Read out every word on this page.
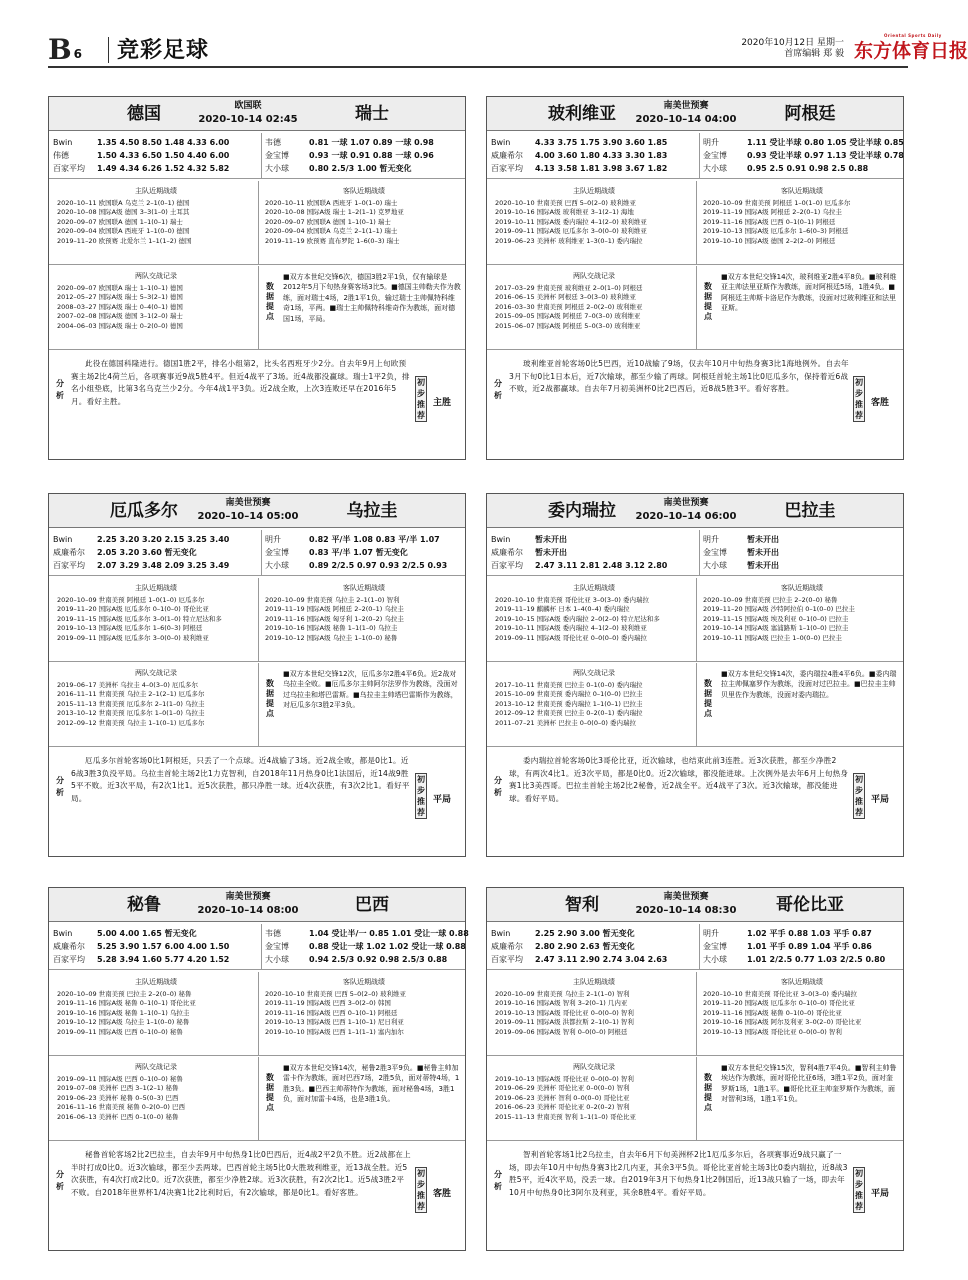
B 6	竞彩足球	2020年10月12日 星期一
首席编辑 郑 毅
Oriental Sports Daily
东方体育日报
德国	欧国联
2020-10-14 02:45	瑞士
Bwin	1.35 4.50 8.50 1.48 4.33 6.00
伟德	1.50 4.33 6.50 1.50 4.40 6.00
百家平均 1.49 4.34 6.26 1.52 4.32 5.82
韦德	0.81 一球 1.07 0.89 一球 0.98
金宝博	0.93 一球 0.91 0.88 一球 0.96
大小球	0.80 2.5/3 1.00 暂无变化
主队近期战绩
2020–10–11 欧国联A 乌克兰 2–1(0–1) 德国
2020–10–08 国际A级 德国 3–3(1–0) 土耳其
2020–09–07 欧国联A 德国 1–1(0–1) 瑞士
2020–09–04 欧国联A 西班牙 1–1(0–0) 德国
2019–11–20 欧预赛 北爱尔兰 1–1(1–2) 德国
客队近期战绩
2020–10–11 欧国联A 西班牙 1–0(1–0) 瑞士
2020–10–08 国际A级 瑞士 1–2(1–1) 克罗地亚
2020–09–07 欧国联A 德国 1–1(0–1) 瑞士
2020–09–04 欧国联A 乌克兰 2–1(1–1) 瑞士
2019–11–19 欧预赛 直布罗陀 1–6(0–3) 瑞士
两队交战记录
2020–09–07 欧国联A 瑞士 1–1(0–1) 德国
2012–05–27 国际A级 瑞士 5–3(2–1) 德国
2008–03–27 国际A级 瑞士 0–4(0–1) 德国
2007–02–08 国际A级 德国 3–1(2–0) 瑞士
2004–06–03 国际A级 瑞士 0–2(0–0) 德国
数据提点
■双方本世纪交锋6次，德国3胜2平1负，仅有输球是2012年5月下旬热身赛客场3比5。■德国主帅勒夫作为教练，面对瑞士4场，2胜1平1负，输过瑞士主帅佩特科维奇1场，平两。■瑞士主帅佩特科维奇作为教练，面对德国1场，平局。
分析
此役在德国科隆进行。德国1胜2平，排名小组第2，比头名西班牙少2分。自去年9月上旬欧预赛主场2比4荷兰后，各项赛事近9战5胜4平。但近4战平了3场。近4战都没赢球。瑞士1平2负，排名小组垫底，比第3名乌克兰少2分。今年4战1平3负。近2战全败，上次3连败还早在2016年5月。看好主胜。
初步推荐
主胜
玻利维亚	南美世预赛
2020–10–14 04:00	阿根廷
Bwin	4.33 3.75 1.75 3.90 3.60 1.85
威廉希尔 4.00 3.60 1.80 4.33 3.30 1.83
百家平均 4.13 3.58 1.81 3.98 3.67 1.82
明升	1.11 受让半球 0.80 1.05 受让半球 0.85
金宝博	0.93 受让半球 0.97 1.13 受让半球 0.78
大小球	0.95 2.5 0.91 0.98 2.5 0.88
主队近期战绩
2020–10–10 世南美预 巴西 5–0(2–0) 玻利维亚
2019–10–16 国际A级 玻利维亚 3–1(2–1) 海地
2019–10–11 国际A级 委内瑞拉 4–1(2–0) 玻利维亚
2019–09–11 国际A级 厄瓜多尔 3–0(0–0) 玻利维亚
2019–06–23 美洲杯 玻利维亚 1–3(0–1) 委内瑞拉
客队近期战绩
2020–10–09 世南美预 阿根廷 1–0(1–0) 厄瓜多尔
2019–11–19 国际A级 阿根廷 2–2(0–1) 乌拉圭
2019–11–16 国际A级 巴西 0–1(0–1) 阿根廷
2019–10–13 国际A级 厄瓜多尔 1–6(0–3) 阿根廷
2019–10–10 国际A级 德国 2–2(2–0) 阿根廷
两队交战记录
2017–03–29 世南美预 玻利维亚 2–0(1–0) 阿根廷
2016–06–15 美洲杯 阿根廷 3–0(3–0) 玻利维亚
2016–03–30 世南美预 阿根廷 2–0(2–0) 玻利维亚
2015–09–05 国际A级 阿根廷 7–0(3–0) 玻利维亚
2015–06–07 国际A级 阿根廷 5–0(3–0) 玻利维亚
数据提点
■双方本世纪交锋14次，玻利维亚2胜4平8负。■玻利维亚主帅法里亚斯作为教练，面对阿根廷5场，1胜4负。■阿根廷主帅斯卡洛尼作为教练，没面对过玻利维亚和法里亚斯。
分析
玻利维亚首轮客场0比5巴西，近10战输了9场，仅去年10月中旬热身赛3比1海地例外。自去年3月下旬0比1日本后，近7次输球，都至少输了两球。阿根廷首轮主场1比0厄瓜多尔，保持着近6战不败，近2战都赢球。自去年7月初美洲杯0比2巴西后，近8战5胜3平。看好客胜。
初步推荐
客胜
厄瓜多尔	南美世预赛
2020–10–14 05:00	乌拉圭
Bwin	2.25 3.20 3.20 2.15 3.25 3.40
威廉希尔 2.05 3.20 3.60 暂无变化
百家平均 2.07 3.29 3.48 2.09 3.25 3.49
明升	0.82 平/半 1.08 0.83 平/半 1.07
金宝博	0.83 平/半 1.07 暂无变化
大小球	0.89 2/2.5 0.97 0.93 2/2.5 0.93
主队近期战绩
2020–10–09 世南美预 阿根廷 1–0(1–0) 厄瓜多尔
2019–11–20 国际A级 厄瓜多尔 0–1(0–0) 哥伦比亚
2019–11–15 国际A级 厄瓜多尔 3–0(1–0) 特立尼达和多
2019–10–13 国际A级 厄瓜多尔 1–6(0–3) 阿根廷
2019–09–11 国际A级 厄瓜多尔 3–0(0–0) 玻利维亚
客队近期战绩
2020–10–09 世南美预 乌拉圭 2–1(1–0) 智利
2019–11–19 国际A级 阿根廷 2–2(0–1) 乌拉圭
2019–11–16 国际A级 匈牙利 1–2(0–2) 乌拉圭
2019–10–16 国际A级 秘鲁 1–1(1–0) 乌拉圭
2019–10–12 国际A级 乌拉圭 1–1(0–0) 秘鲁
两队交战记录
2019–06–17 美洲杯 乌拉圭 4–0(3–0) 厄瓜多尔
2016–11–11 世南美预 乌拉圭 2–1(2–1) 厄瓜多尔
2015–11–13 世南美预 厄瓜多尔 2–1(1–0) 乌拉圭
2013–10–12 世南美预 厄瓜多尔 1–0(1–0) 乌拉圭
2012–09–12 世南美预 乌拉圭 1–1(0–1) 厄瓜多尔
数据提点
■双方本世纪交锋12次，厄瓜多尔2胜4平6负。近2战对乌拉圭全败。■厄瓜多尔主帅阿尔法罗作为教练，没面对过乌拉圭和塔巴雷斯。■乌拉圭主帅塔巴雷斯作为教练，对厄瓜多尔3胜2平3负。
分析
厄瓜多尔首轮客场0比1阿根廷，只丢了一个点球。近4战输了3场。近2战全败，都是0比1。近6战3胜3负没平局。乌拉圭首轮主场2比1力克智利，自2018年11月热身0比1法国后，近14战9胜5平不败。近3次平局，有2次1比1。近5次获胜，都只净胜一球。近4次获胜，有3次2比1。看好平局。
初步推荐
平局
委内瑞拉	南美世预赛
2020–10–14 06:00	巴拉圭
Bwin	暂未开出
威廉希尔 暂未开出
百家平均 2.47 3.11 2.81 2.48 3.12 2.80
明升	暂未开出
金宝博	暂未开出
大小球	暂未开出
主队近期战绩
2020–10–10 世南美预 哥伦比亚 3–0(3–0) 委内瑞拉
2019–11–19 麒麟杯 日本 1–4(0–4) 委内瑞拉
2019–10–15 国际A级 委内瑞拉 2–0(2–0) 特立尼达和多
2019–10–11 国际A级 委内瑞拉 4–1(2–0) 玻利维亚
2019–09–11 国际A级 哥伦比亚 0–0(0–0) 委内瑞拉
客队近期战绩
2020–10–09 世南美预 巴拉圭 2–2(0–0) 秘鲁
2019–11–20 国际A级 沙特阿拉伯 0–1(0–0) 巴拉圭
2019–11–15 国际A级 埃及利亚 0–1(0–0) 巴拉圭
2019–10–14 国际A级 塞浦路斯 1–1(0–0) 巴拉圭
2019–10–11 国际A级 巴拉圭 1–0(0–0) 巴拉圭
两队交战记录
2017–10–11 世南美预 巴拉圭 0–1(0–0) 委内瑞拉
2015–10–09 世南美预 委内瑞拉 0–1(0–0) 巴拉圭
2013–10–12 世南美预 委内瑞拉 1–1(0–1) 巴拉圭
2012–09–12 世南美预 巴拉圭 0–2(0–1) 委内瑞拉
2011–07–21 美洲杯 巴拉圭 0–0(0–0) 委内瑞拉
数据提点
■双方本世纪交锋14次，委内瑞拉4胜4平6负。■委内瑞拉主帅佩塞罗作为教练，没面对过巴拉圭。■巴拉圭主帅贝里佐作为教练，没面对委内瑞拉。
分析
委内瑞拉首轮客场0比3哥伦比亚，近次输球，也结束此前3连胜。近3次获胜，都至少净胜2球，有两次4比1。近3次平局，都是0比0。近2次输球，都没能进球。上次例外是去年6月上旬热身赛1比3美西哥。巴拉圭首轮主场2比2秘鲁，近2战全平。近4战平了3次。近3次输球，都没能进球。看好平局。
初步推荐
平局
秘鲁	南美世预赛
2020–10–14 08:00	巴西
Bwin	5.00 4.00 1.65 暂无变化
威廉希尔 5.25 3.90 1.57 6.00 4.00 1.50
百家平均 5.28 3.94 1.60 5.77 4.20 1.52
韦德	1.04 受让半/一 0.85 1.01 受让一球 0.88
金宝博	0.88 受让一球 1.02 1.02 受让一球 0.88
大小球	0.94 2.5/3 0.92 0.98 2.5/3 0.88
主队近期战绩
2020–10–09 世南美预 巴拉圭 2–2(0–0) 秘鲁
2019–11–16 国际A级 秘鲁 0–1(0–1) 哥伦比亚
2019–10–16 国际A级 秘鲁 1–1(0–1) 乌拉圭
2019–10–12 国际A级 乌拉圭 1–1(0–0) 秘鲁
2019–09–11 国际A级 巴西 0–1(0–0) 秘鲁
客队近期战绩
2020–10–10 世南美预 巴西 5–0(2–0) 玻利维亚
2019–11–19 国际A级 巴西 3–0(2–0) 韩国
2019–11–16 国际A级 巴西 0–1(0–1) 阿根廷
2019–10–13 国际A级 巴西 1–1(0–1) 尼日利亚
2019–10–10 国际A级 巴西 1–1(1–1) 塞内加尔
两队交战记录
2019–09–11 国际A级 巴西 0–1(0–0) 秘鲁
2019–07–08 美洲杯 巴西 3–1(2–1) 秘鲁
2019–06–23 美洲杯 秘鲁 0–5(0–3) 巴西
2016–11–16 世南美预 秘鲁 0–2(0–0) 巴西
2016–06–13 美洲杯 巴西 0–1(0–0) 秘鲁
数据提点
■双方本世纪交锋14次，秘鲁2胜3平9负。■秘鲁主帅加雷卡作为教练，面对巴西7场，2胜5负，面对蒂特4场，1胜3负。■巴西主帅蒂特作为教练，面对秘鲁4场，3胜1负，面对加雷卡4场，也是3胜1负。
分析
秘鲁首轮客场2比2巴拉圭，自去年9月中旬热身1比0巴西后，近4战2平2负不胜。近2战都在上半时打成0比0。近3次输球，都至少丢两球。巴西首轮主场5比0大胜玻利维亚，近13战全胜。近5次获胜，有4次打成2比0。近7次获胜，都至少净胜2球。近3次获胜，有2次2比1。近5战3胜2平不败。自2018年世界杯1/4决赛1比2比利时后，有2次输球，都是0比1。看好客胜。
初步推荐
客胜
智利	南美世预赛
2020–10–14 08:30	哥伦比亚
Bwin	2.25 2.90 3.00 暂无变化
威廉希尔 2.80 2.90 2.63 暂无变化
百家平均 2.47 3.11 2.90 2.74 3.04 2.63
明升	1.02 平手 0.88 1.03 平手 0.87
金宝博	1.01 平手 0.89 1.04 平手 0.86
大小球	1.01 2/2.5 0.77 1.03 2/2.5 0.80
主队近期战绩
2020–10–09 世南美预 乌拉圭 2–1(1–0) 智利
2019–10–16 国际A级 智利 3–2(0–1) 几内亚
2019–10–13 国际A级 哥伦比亚 0–0(0–0) 智利
2019–09–11 国际A级 洪都拉斯 2–1(0–1) 智利
2019–09–06 国际A级 智利 0–0(0–0) 阿根廷
客队近期战绩
2020–10–10 世南美预 哥伦比亚 3–0(3–0) 委内瑞拉
2019–11–20 国际A级 厄瓜多尔 0–1(0–0) 哥伦比亚
2019–11–16 国际A级 秘鲁 0–1(0–0) 哥伦比亚
2019–10–16 国际A级 阿尔及利亚 3–0(2–0) 哥伦比亚
2019–10–13 国际A级 哥伦比亚 0–0(0–0) 智利
两队交战记录
2019–10–13 国际A级 哥伦比亚 0–0(0–0) 智利
2019–06–29 美洲杯 哥伦比亚 0–0(0–0) 智利
2019–06–23 美洲杯 智利 0–0(0–0) 哥伦比亚
2016–06–23 美洲杯 哥伦比亚 0–2(0–2) 智利
2015–11–13 世南美预 智利 1–1(1–0) 哥伦比亚
数据提点
■双方本世纪交锋15次，智利4胜7平4负。■智利主帅鲁埃达作为教练，面对哥伦比亚6场，3胜1平2负，面对奎罗斯1场，1胜1平。■哥伦比亚主帅奎罗斯作为教练，面对智利3场，1胜1平1负。
分析
智利首轮客场1比2乌拉圭，自去年6月下旬美洲杯2比1厄瓜多尔后，各项赛事近9战只赢了一场，即去年10月中旬热身赛3比2几内亚，其余3平5负。哥伦比亚首轮主场3比0委内瑞拉，近8战3胜5平，近4次平局，没丢一球。自2019年3月下旬热身1比2韩国后，近13战只输了一场，即去年10月中旬热身0比3阿尔及利亚，其余8胜4平。看好平局。
初步推荐
平局
